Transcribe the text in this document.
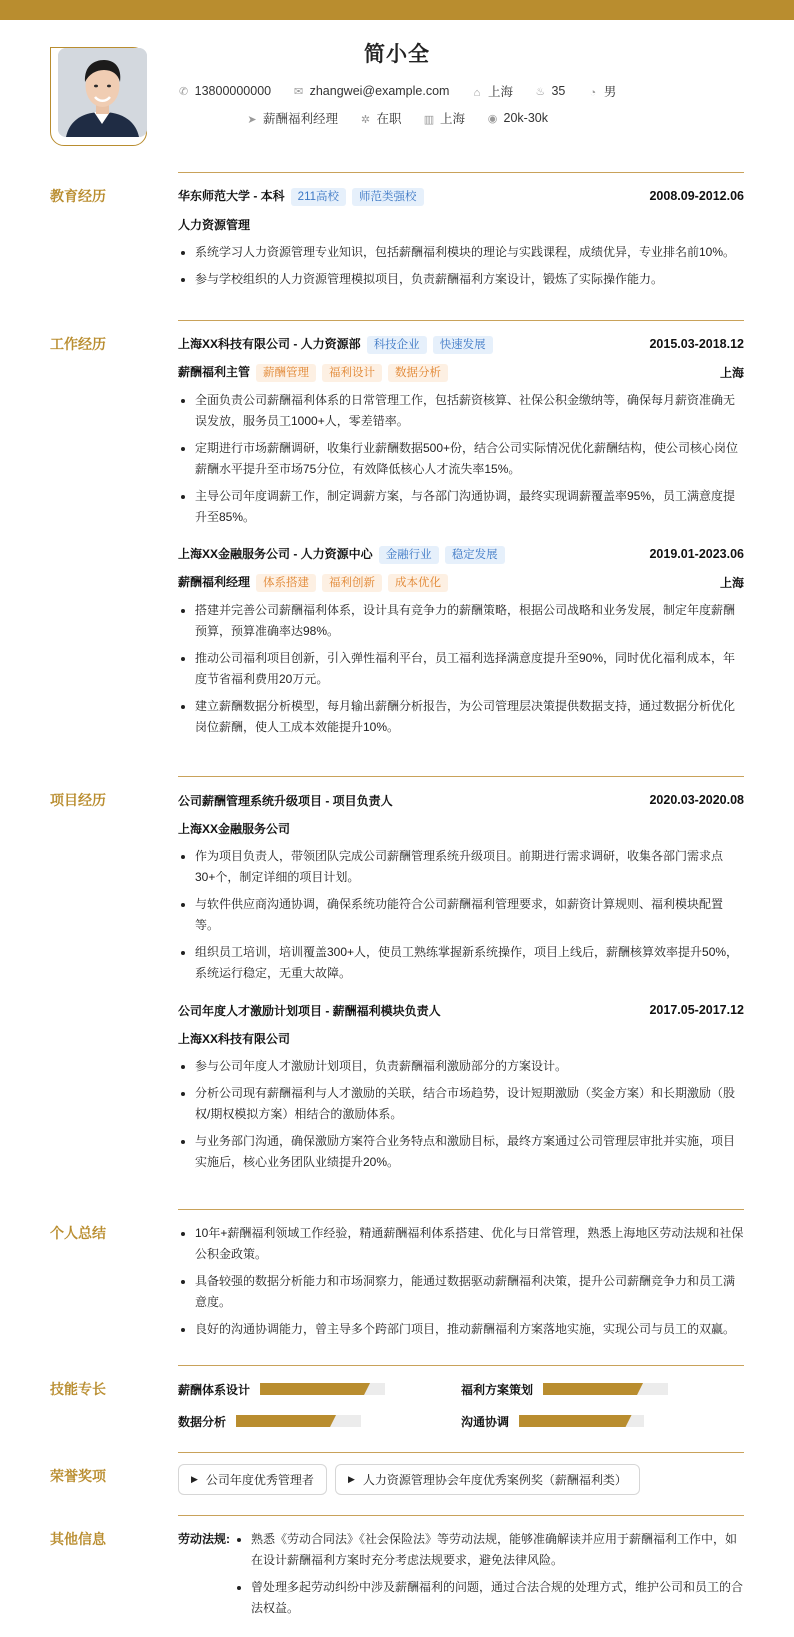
简小全
✆ 13800000000 ✉ zhangwei@example.com ⌂ 上海 ♨ 35 ◔ 男
➤ 薪酬福利经理 ✲ 在职 ▥ 上海 ◉ 20k-30k
教育经历	华东师范大学 - 本科 211高校 师范类强校	2008.09-2012.06
人力资源管理
系统学习人力资源管理专业知识，包括薪酬福利模块的理论与实践课程，成绩优异，专业排名前10%。
参与学校组织的人力资源管理模拟项目，负责薪酬福利方案设计，锻炼了实际操作能力。
工作经历	上海XX科技有限公司 - 人力资源部 科技企业 快速发展	2015.03-2018.12
薪酬福利主管 薪酬管理 福利设计 数据分析	上海
全面负责公司薪酬福利体系的日常管理工作，包括薪资核算、社保公积金缴纳等，确保每月薪资准确无误发放，服务员工1000+人，零差错率。
定期进行市场薪酬调研，收集行业薪酬数据500+份，结合公司实际情况优化薪酬结构，使公司核心岗位薪酬水平提升至市场75分位，有效降低核心人才流失率15%。
主导公司年度调薪工作，制定调薪方案，与各部门沟通协调，最终实现调薪覆盖率95%，员工满意度提升至85%。
上海XX金融服务公司 - 人力资源中心 金融行业 稳定发展	2019.01-2023.06
薪酬福利经理 体系搭建 福利创新 成本优化	上海
搭建并完善公司薪酬福利体系，设计具有竞争力的薪酬策略，根据公司战略和业务发展，制定年度薪酬预算，预算准确率达98%。
推动公司福利项目创新，引入弹性福利平台，员工福利选择满意度提升至90%，同时优化福利成本，年度节省福利费用20万元。
建立薪酬数据分析模型，每月输出薪酬分析报告，为公司管理层决策提供数据支持，通过数据分析优化岗位薪酬，使人工成本效能提升10%。
项目经历	公司薪酬管理系统升级项目 - 项目负责人	2020.03-2020.08
上海XX金融服务公司
作为项目负责人，带领团队完成公司薪酬管理系统升级项目。前期进行需求调研，收集各部门需求点30+个，制定详细的项目计划。
与软件供应商沟通协调，确保系统功能符合公司薪酬福利管理要求，如薪资计算规则、福利模块配置等。
组织员工培训，培训覆盖300+人，使员工熟练掌握新系统操作，项目上线后，薪酬核算效率提升50%，系统运行稳定，无重大故障。
公司年度人才激励计划项目 - 薪酬福利模块负责人	2017.05-2017.12
上海XX科技有限公司
参与公司年度人才激励计划项目，负责薪酬福利激励部分的方案设计。
分析公司现有薪酬福利与人才激励的关联，结合市场趋势，设计短期激励（奖金方案）和长期激励（股权/期权模拟方案）相结合的激励体系。
与业务部门沟通，确保激励方案符合业务特点和激励目标，最终方案通过公司管理层审批并实施，项目实施后，核心业务团队业绩提升20%。
个人总结	10年+薪酬福利领域工作经验，精通薪酬福利体系搭建、优化与日常管理，熟悉上海地区劳动法规和社保公积金政策。
具备较强的数据分析能力和市场洞察力，能通过数据驱动薪酬福利决策，提升公司薪酬竞争力和员工满意度。
良好的沟通协调能力，曾主导多个跨部门项目，推动薪酬福利方案落地实施，实现公司与员工的双赢。
技能专长	薪酬体系设计	福利方案策划
数据分析	沟通协调
荣誉奖项	▶ 公司年度优秀管理者	▶ 人力资源管理协会年度优秀案例奖（薪酬福利类）
其他信息	劳动法规:	熟悉《劳动合同法》《社会保险法》等劳动法规，能够准确解读并应用于薪酬福利工作中，如在设计薪酬福利方案时充分考虑法规要求，避免法律风险。
曾处理多起劳动纠纷中涉及薪酬福利的问题，通过合法合规的处理方式，维护公司和员工的合法权益。
